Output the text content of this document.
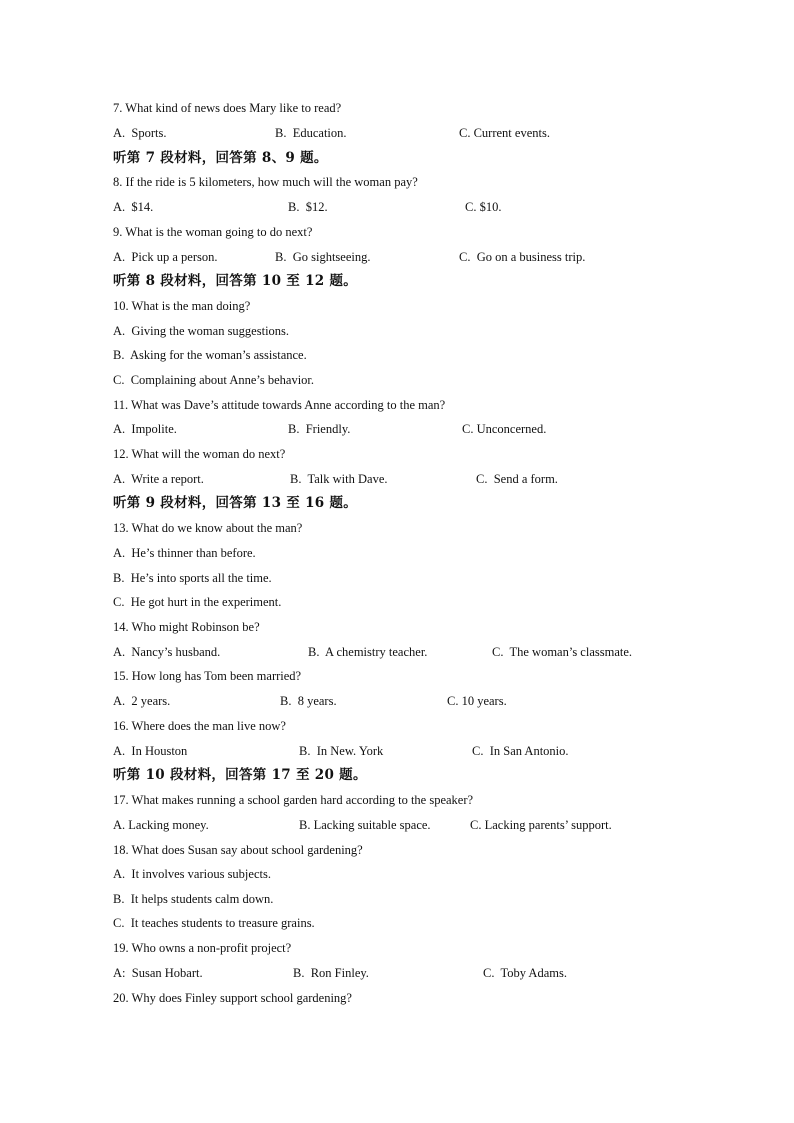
7. What kind of news does Mary like to read?
A.  Sports.	B.  Education.	C. Current events.
听第 7 段材料，回答第 8、9 题。
8. If the ride is 5 kilometers, how much will the woman pay?
A.  $14.	B.  $12.	C. $10.
9. What is the woman going to do next?
A.  Pick up a person.	B.  Go sightseeing.	C.  Go on a business trip.
听第 8 段材料，回答第 10 至 12 题。
10. What is the man doing?
A.  Giving the woman suggestions.
B.  Asking for the woman’s assistance.
C.  Complaining about Anne’s behavior.
11. What was Dave’s attitude towards Anne according to the man?
A.  Impolite.	B.  Friendly.	C. Unconcerned.
12. What will the woman do next?
A.  Write a report.	B.  Talk with Dave.	C.  Send a form.
听第 9 段材料，回答第 13 至 16 题。
13. What do we know about the man?
A.  He’s thinner than before.
B.  He’s into sports all the time.
C.  He got hurt in the experiment.
14. Who might Robinson be?
A.  Nancy’s husband.	B.  A chemistry teacher.	C.  The woman’s classmate.
15. How long has Tom been married?
A.  2 years.	B.  8 years.	C. 10 years.
16. Where does the man live now?
A.  In Houston	B.  In New. York	C.  In San Antonio.
听第 10 段材料，回答第 17 至 20 题。
17. What makes running a school garden hard according to the speaker?
A. Lacking money.	B. Lacking suitable space.	C. Lacking parents’ support.
18. What does Susan say about school gardening?
A.  It involves various subjects.
B.  It helps students calm down.
C.  It teaches students to treasure grains.
19. Who owns a non-profit project?
A:  Susan Hobart.	B.  Ron Finley.	C.  Toby Adams.
20. Why does Finley support school gardening?
